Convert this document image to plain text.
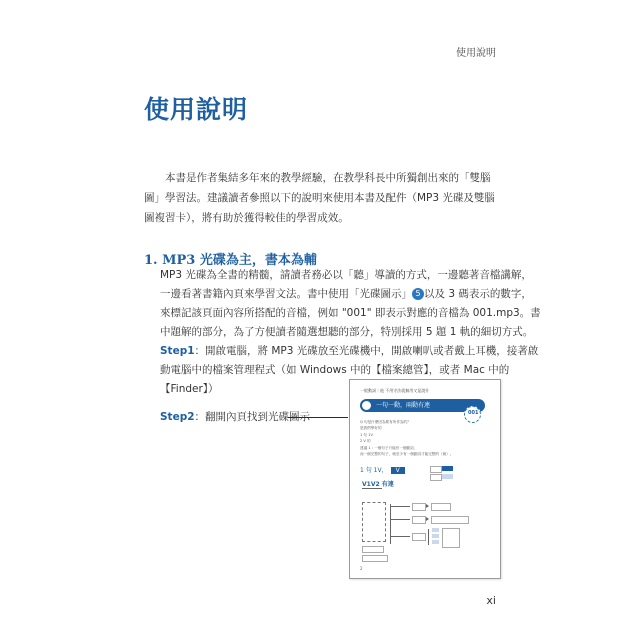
使用說明
使用說明

本書是作者集結多年來的教學經驗，在教學科長中所獨創出來的「雙腦圖」學習法。建議讀者參照以下的說明來使用本書及配件（MP3 光碟及雙腦圖複習卡），將有助於獲得較佳的學習成效。

1. MP3 光碟為主，書本為輔
MP3 光碟為全書的精髓，請讀者務必以「聽」導讀的方式，一邊聽著音檔講解，
一邊看著書籍內頁來學習文法。書中使用「光碟圖示」 5 以及 3 碼表示的數字，
來標記該頁面內容所搭配的音檔，例如 "001" 即表示對應的音檔為 001.mp3。書
中題解的部分，為了方便讀者隨選想聽的部分，特別採用 5 題 1 軌的細切方式。
Step1：開啟電腦，將 MP3 光碟放至光碟機中，開啟喇叭或者戴上耳機，接著啟
動電腦中的檔案管理程式（如 Windows 中的【檔案總管】，或者 Mac 中的
【Finder】）
Step2：翻開內頁找到光碟圖示
一般動詞｜他 不用守法就無用又是說什
一句一動，兩動有連
001
Q 句是什麼因為要有所作為的？
是我們學好的
1 句 1V
2 V 的
建議 1 : 一個句子只能有一個動詞，
而一個完整的句子，就至少有一個動詞才能完整的（就）。
1 句 1V， V
V1V2 有連
2
xi
